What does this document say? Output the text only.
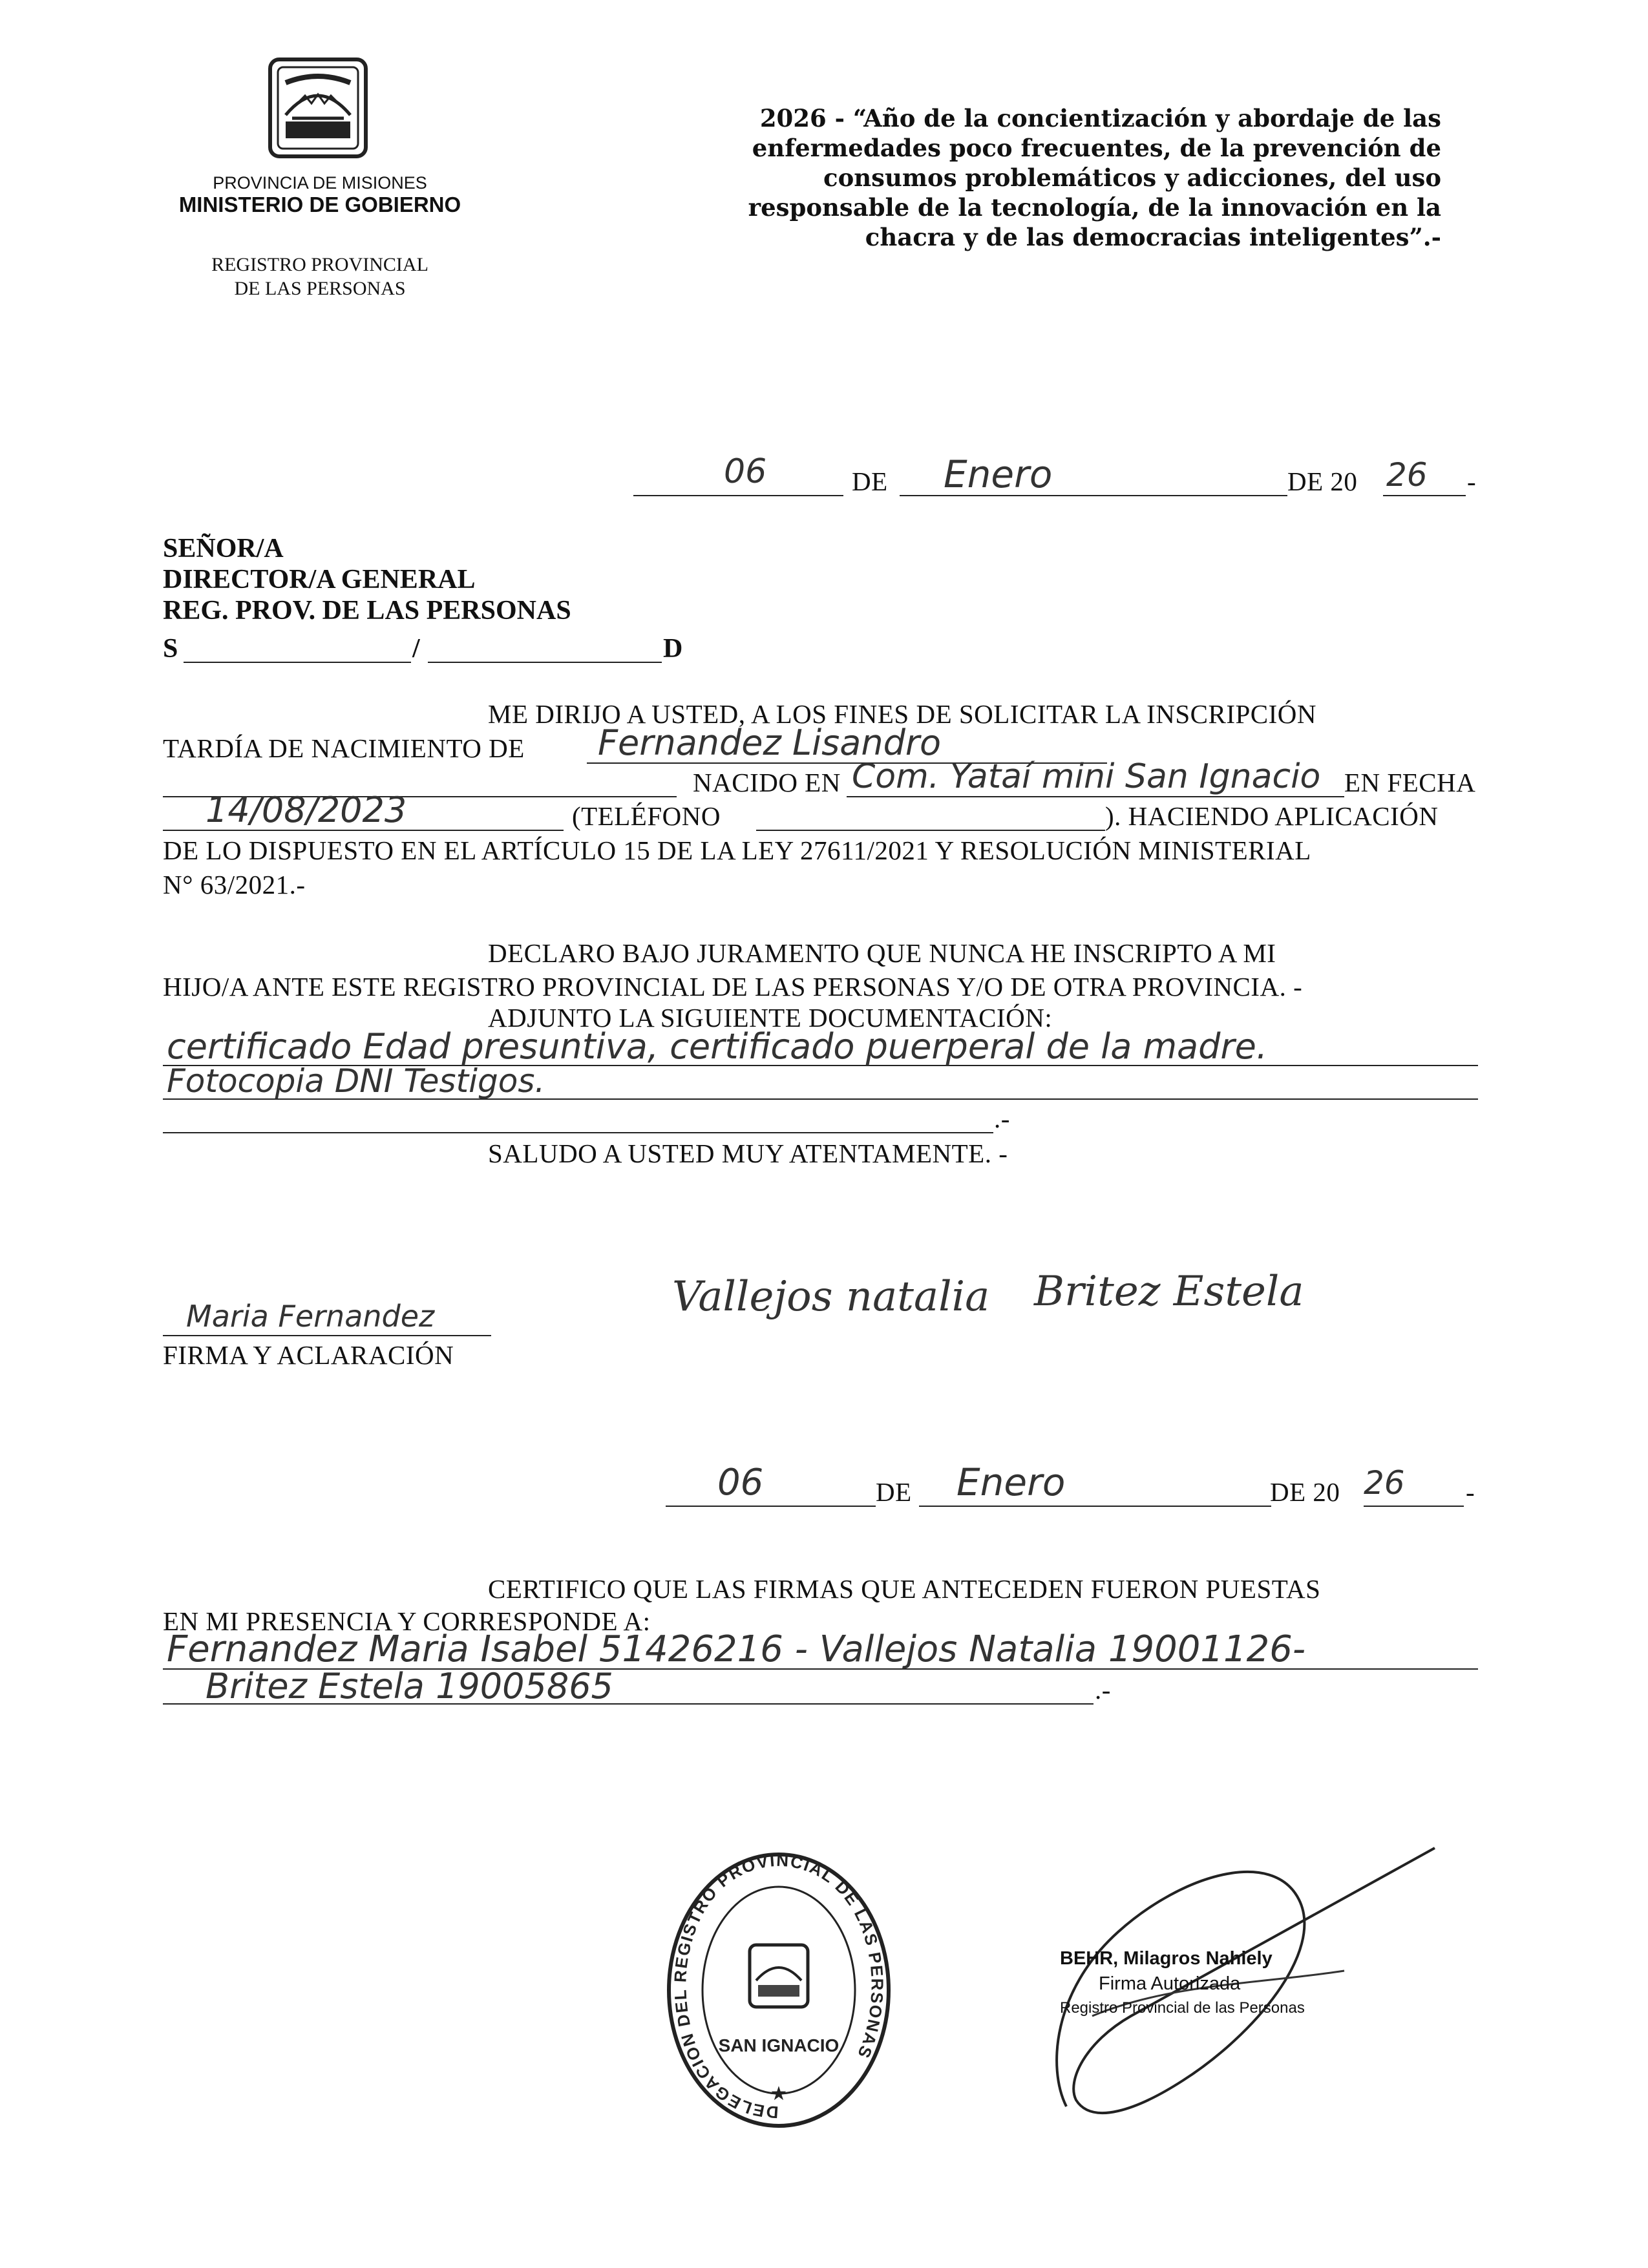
PROVINCIA DE MISIONES
MINISTERIO DE GOBIERNO
REGISTRO PROVINCIAL
DE LAS PERSONAS
2026 - “Año de la concientización y abordaje de las
enfermedades poco frecuentes, de la prevención de
consumos problemáticos y adicciones, del uso
responsable de la tecnología, de la innovación en la
chacra y de las democracias inteligentes”.-
06	DE Enero	DE 20 26 -
SEÑOR/A
DIRECTOR/A GENERAL
REG. PROV. DE LAS PERSONAS
S	/	D
ME DIRIJO A USTED, A LOS FINES DE SOLICITAR LA INSCRIPCIÓN
TARDÍA DE NACIMIENTO DE Fernandez Lisandro
NACIDO EN Com. Yataí mini San Ignacio EN FECHA
14/08/2023	(TELÉFONO	). HACIENDO APLICACIÓN
DE LO DISPUESTO EN EL ARTÍCULO 15 DE LA LEY 27611/2021 Y RESOLUCIÓN MINISTERIAL
N° 63/2021.-
DECLARO BAJO JURAMENTO QUE NUNCA HE INSCRIPTO A MI
HIJO/A ANTE ESTE REGISTRO PROVINCIAL DE LAS PERSONAS Y/O DE OTRA PROVINCIA. -
ADJUNTO LA SIGUIENTE DOCUMENTACIÓN:
certificado Edad presuntiva, certificado puerperal de la madre.
Fotocopia DNI Testigos.
.-
SALUDO A USTED MUY ATENTAMENTE. -
Maria Fernandez
FIRMA Y ACLARACIÓN
Vallejos natalia Britez Estela
06	DE Enero	DE 20 26 -
CERTIFICO QUE LAS FIRMAS QUE ANTECEDEN FUERON PUESTAS
EN MI PRESENCIA Y CORRESPONDE A:
Fernandez Maria Isabel 51426216 - Vallejos Natalia 19001126-
Britez Estela 19005865	.-
DELEGACION DEL REGISTRO PROVINCIAL DE LAS PERSONAS
SAN IGNACIO
★
BEHR, Milagros Nahiely
Firma Autorizada
Registro Provincial de las Personas
